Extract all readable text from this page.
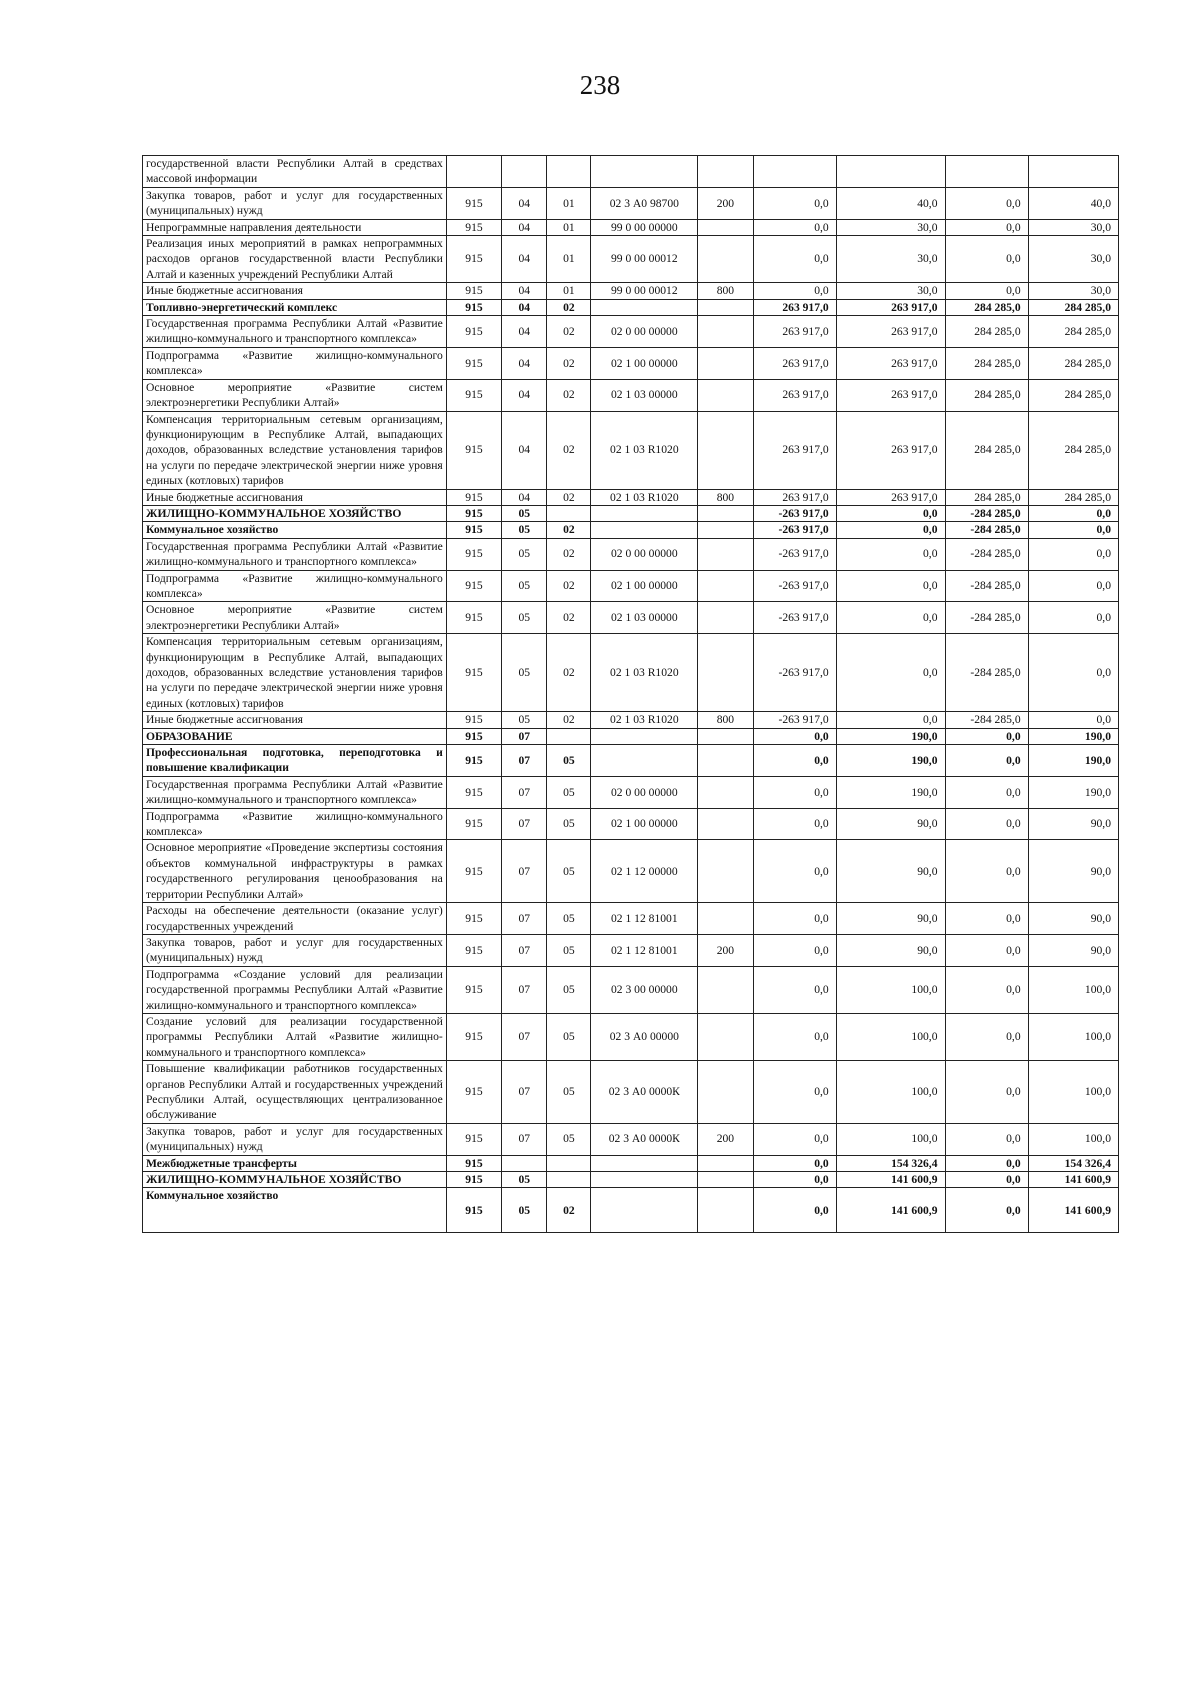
238
государственной власти Республики Алтай в средствах массовой информации									
Закупка товаров, работ и услуг для государственных (муниципальных) нужд	915	04	01	02 3 А0 98700	200	0,0	40,0	0,0	40,0
Непрограммные направления деятельности	915	04	01	99 0 00 00000		0,0	30,0	0,0	30,0
Реализация иных мероприятий в рамках непрограммных расходов органов государственной власти Республики Алтай и казенных учреждений Республики Алтай	915	04	01	99 0 00 00012		0,0	30,0	0,0	30,0
Иные бюджетные ассигнования	915	04	01	99 0 00 00012	800	0,0	30,0	0,0	30,0
Топливно-энергетический комплекс	915	04	02			263 917,0	263 917,0	284 285,0	284 285,0
Государственная программа Республики Алтай «Развитие жилищно-коммунального и транспортного комплекса»	915	04	02	02 0 00 00000		263 917,0	263 917,0	284 285,0	284 285,0
Подпрограмма «Развитие жилищно-коммунального комплекса»	915	04	02	02 1 00 00000		263 917,0	263 917,0	284 285,0	284 285,0
Основное мероприятие «Развитие систем электроэнергетики Республики Алтай»	915	04	02	02 1 03 00000		263 917,0	263 917,0	284 285,0	284 285,0
Компенсация территориальным сетевым организациям, функционирующим в Республике Алтай, выпадающих доходов, образованных вследствие установления тарифов на услуги по передаче электрической энергии ниже уровня единых (котловых) тарифов	915	04	02	02 1 03 R1020		263 917,0	263 917,0	284 285,0	284 285,0
Иные бюджетные ассигнования	915	04	02	02 1 03 R1020	800	263 917,0	263 917,0	284 285,0	284 285,0
ЖИЛИЩНО-КОММУНАЛЬНОЕ ХОЗЯЙСТВО	915	05				-263 917,0	0,0	-284 285,0	0,0
Коммунальное хозяйство	915	05	02			-263 917,0	0,0	-284 285,0	0,0
Государственная программа Республики Алтай «Развитие жилищно-коммунального и транспортного комплекса»	915	05	02	02 0 00 00000		-263 917,0	0,0	-284 285,0	0,0
Подпрограмма «Развитие жилищно-коммунального комплекса»	915	05	02	02 1 00 00000		-263 917,0	0,0	-284 285,0	0,0
Основное мероприятие «Развитие систем электроэнергетики Республики Алтай»	915	05	02	02 1 03 00000		-263 917,0	0,0	-284 285,0	0,0
Компенсация территориальным сетевым организациям, функционирующим в Республике Алтай, выпадающих доходов, образованных вследствие установления тарифов на услуги по передаче электрической энергии ниже уровня единых (котловых) тарифов	915	05	02	02 1 03 R1020		-263 917,0	0,0	-284 285,0	0,0
Иные бюджетные ассигнования	915	05	02	02 1 03 R1020	800	-263 917,0	0,0	-284 285,0	0,0
ОБРАЗОВАНИЕ	915	07				0,0	190,0	0,0	190,0
Профессиональная подготовка, переподготовка и повышение квалификации	915	07	05			0,0	190,0	0,0	190,0
Государственная программа Республики Алтай «Развитие жилищно-коммунального и транспортного комплекса»	915	07	05	02 0 00 00000		0,0	190,0	0,0	190,0
Подпрограмма «Развитие жилищно-коммунального комплекса»	915	07	05	02 1 00 00000		0,0	90,0	0,0	90,0
Основное мероприятие «Проведение экспертизы состояния объектов коммунальной инфраструктуры в рамках государственного регулирования ценообразования на территории Республики Алтай»	915	07	05	02 1 12 00000		0,0	90,0	0,0	90,0
Расходы на обеспечение деятельности (оказание услуг) государственных учреждений	915	07	05	02 1 12 81001		0,0	90,0	0,0	90,0
Закупка товаров, работ и услуг для государственных (муниципальных) нужд	915	07	05	02 1 12 81001	200	0,0	90,0	0,0	90,0
Подпрограмма «Создание условий для реализации государственной программы Республики Алтай «Развитие жилищно-коммунального и транспортного комплекса»	915	07	05	02 3 00 00000		0,0	100,0	0,0	100,0
Создание условий для реализации государственной программы Республики Алтай «Развитие жилищно-коммунального и транспортного комплекса»	915	07	05	02 3 А0 00000		0,0	100,0	0,0	100,0
Повышение квалификации работников государственных органов Республики Алтай и государственных учреждений Республики Алтай, осуществляющих централизованное обслуживание	915	07	05	02 3 А0 0000К		0,0	100,0	0,0	100,0
Закупка товаров, работ и услуг для государственных (муниципальных) нужд	915	07	05	02 3 А0 0000К	200	0,0	100,0	0,0	100,0
Межбюджетные трансферты	915					0,0	154 326,4	0,0	154 326,4
ЖИЛИЩНО-КОММУНАЛЬНОЕ ХОЗЯЙСТВО	915	05				0,0	141 600,9	0,0	141 600,9
Коммунальное хозяйство	915	05	02			0,0	141 600,9	0,0	141 600,9
